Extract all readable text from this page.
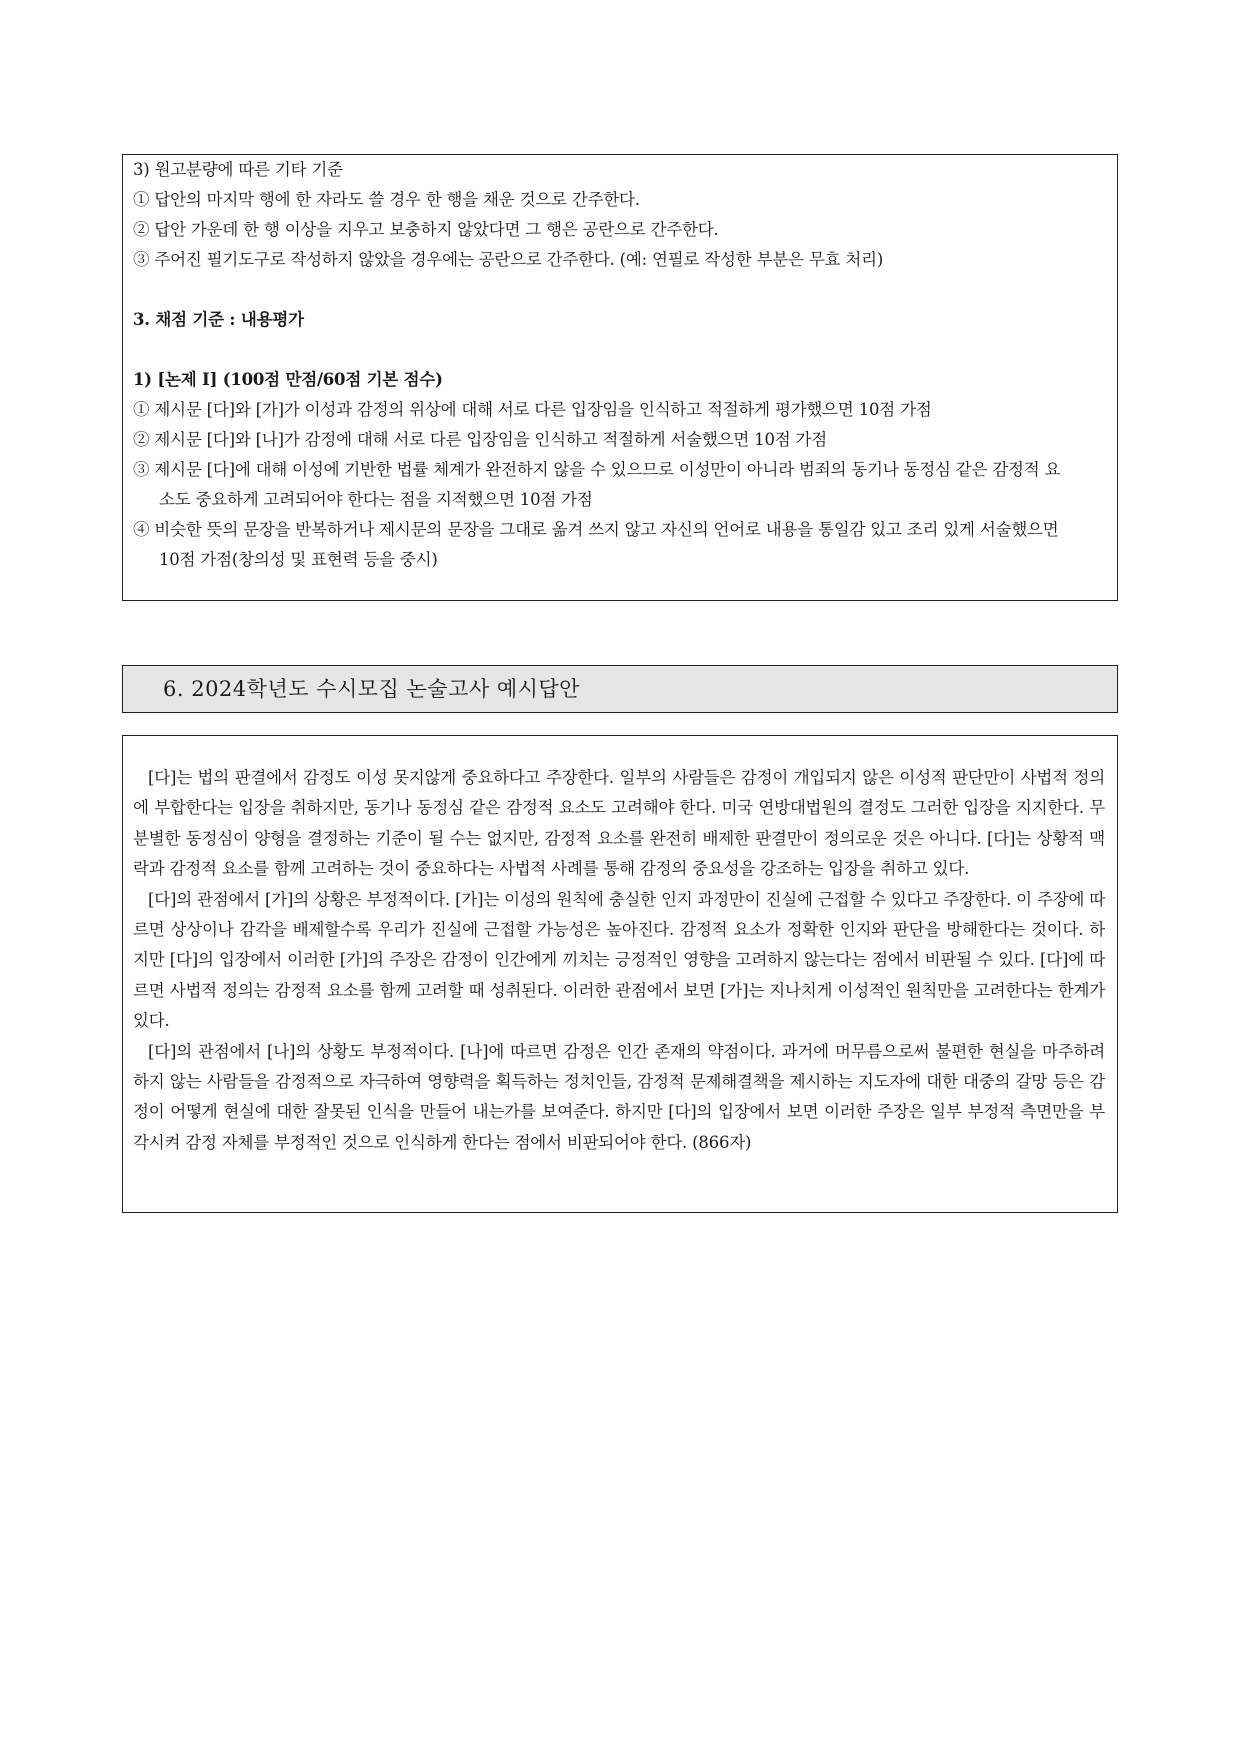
3) 원고분량에 따른 기타 기준
① 답안의 마지막 행에 한 자라도 쓸 경우 한 행을 채운 것으로 간주한다.
② 답안 가운데 한 행 이상을 지우고 보충하지 않았다면 그 행은 공란으로 간주한다.
③ 주어진 필기도구로 작성하지 않았을 경우에는 공란으로 간주한다. (예: 연필로 작성한 부분은 무효 처리)
3. 채점 기준 : 내용평가
1) [논제 I] (100점 만점/60점 기본 점수)
① 제시문 [다]와 [가]가 이성과 감정의 위상에 대해 서로 다른 입장임을 인식하고 적절하게 평가했으면 10점 가점
② 제시문 [다]와 [나]가 감정에 대해 서로 다른 입장임을 인식하고 적절하게 서술했으면 10점 가점
③ 제시문 [다]에 대해 이성에 기반한 법률 체계가 완전하지 않을 수 있으므로 이성만이 아니라 범죄의 동기나 동정심 같은 감정적 요
소도 중요하게 고려되어야 한다는 점을 지적했으면 10점 가점
④ 비슷한 뜻의 문장을 반복하거나 제시문의 문장을 그대로 옮겨 쓰지 않고 자신의 언어로 내용을 통일감 있고 조리 있게 서술했으면
10점 가점(창의성 및 표현력 등을 중시)
6. 2024학년도 수시모집 논술고사 예시답안

[다]는 법의 판결에서 감정도 이성 못지않게 중요하다고 주장한다. 일부의 사람들은 감정이 개입되지 않은 이성적 판단만이 사법적 정의에 부합한다는 입장을 취하지만, 동기나 동정심 같은 감정적 요소도 고려해야 한다. 미국 연방대법원의 결정도 그러한 입장을 지지한다. 무분별한 동정심이 양형을 결정하는 기준이 될 수는 없지만, 감정적 요소를 완전히 배제한 판결만이 정의로운 것은 아니다. [다]는 상황적 맥락과 감정적 요소를 함께 고려하는 것이 중요하다는 사법적 사례를 통해 감정의 중요성을 강조하는 입장을 취하고 있다.

[다]의 관점에서 [가]의 상황은 부정적이다. [가]는 이성의 원칙에 충실한 인지 과정만이 진실에 근접할 수 있다고 주장한다. 이 주장에 따르면 상상이나 감각을 배제할수록 우리가 진실에 근접할 가능성은 높아진다. 감정적 요소가 정확한 인지와 판단을 방해한다는 것이다. 하지만 [다]의 입장에서 이러한 [가]의 주장은 감정이 인간에게 끼치는 긍정적인 영향을 고려하지 않는다는 점에서 비판될 수 있다. [다]에 따르면 사법적 정의는 감정적 요소를 함께 고려할 때 성취된다. 이러한 관점에서 보면 [가]는 지나치게 이성적인 원칙만을 고려한다는 한계가 있다.

[다]의 관점에서 [나]의 상황도 부정적이다. [나]에 따르면 감정은 인간 존재의 약점이다. 과거에 머무름으로써 불편한 현실을 마주하려 하지 않는 사람들을 감정적으로 자극하여 영향력을 획득하는 정치인들, 감정적 문제해결책을 제시하는 지도자에 대한 대중의 갈망 등은 감정이 어떻게 현실에 대한 잘못된 인식을 만들어 내는가를 보여준다. 하지만 [다]의 입장에서 보면 이러한 주장은 일부 부정적 측면만을 부각시켜 감정 자체를 부정적인 것으로 인식하게 한다는 점에서 비판되어야 한다. (866자)
